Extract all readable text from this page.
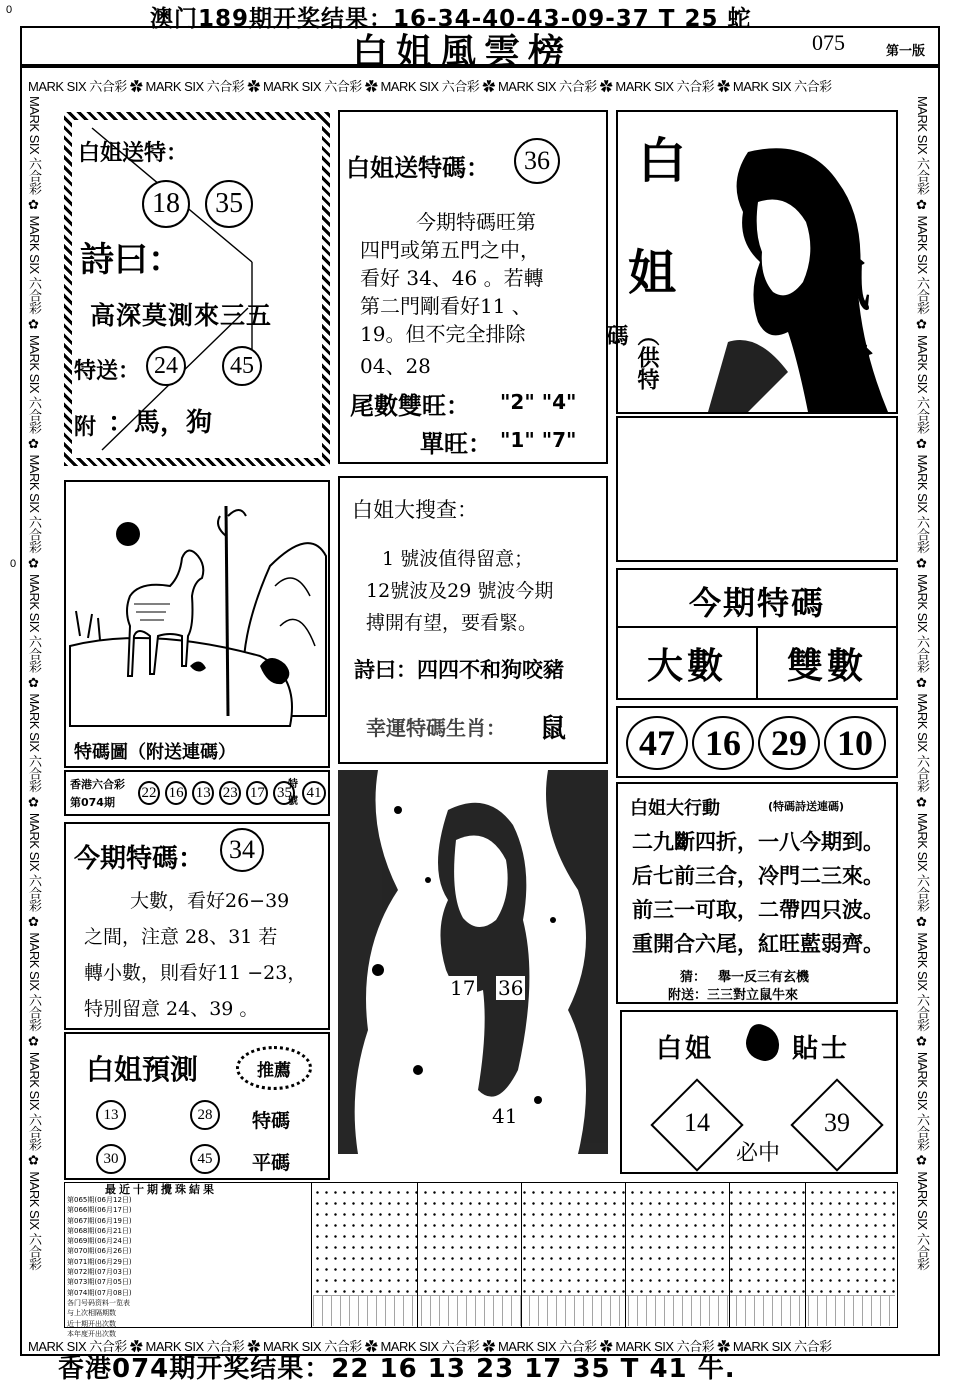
0
0
澳门189期开奖结果：16-34-40-43-09-37 T 25 蛇
白姐風雲榜	075	第一版
MARK SIX 六合彩 ✿ MARK SIX 六合彩 ✿ MARK SIX 六合彩 ✿ MARK SIX 六合彩 ✿ MARK SIX 六合彩 ✿ MARK SIX 六合彩 ✿ MARK SIX 六合彩
MARK SIX 六合彩 ✿ MARK SIX 六合彩 ✿ MARK SIX 六合彩 ✿ MARK SIX 六合彩 ✿ MARK SIX 六合彩 ✿ MARK SIX 六合彩 ✿ MARK SIX 六合彩
MARK SIX 六合彩 ✿ MARK SIX 六合彩 ✿ MARK SIX 六合彩 ✿ MARK SIX 六合彩 ✿ MARK SIX 六合彩 ✿ MARK SIX 六合彩 ✿ MARK SIX 六合彩 ✿ MARK SIX 六合彩 ✿ MARK SIX 六合彩 ✿ MARK SIX 六合彩
MARK SIX 六合彩 ✿ MARK SIX 六合彩 ✿ MARK SIX 六合彩 ✿ MARK SIX 六合彩 ✿ MARK SIX 六合彩 ✿ MARK SIX 六合彩 ✿ MARK SIX 六合彩 ✿ MARK SIX 六合彩 ✿ MARK SIX 六合彩 ✿ MARK SIX 六合彩
白姐送特：
18 35
詩曰：
高深莫測來三五
特送： 24	45
附 ：馬，狗
白姐送特碼：	36
今期特碼旺第
四門或第五門之中，
看好 34、46 。若轉
第二門剛看好11 、
19。但不完全排除
04、28
尾數雙旺： "2" "4"
單旺： "1" "7"
白
姐 風
雲
（供特碼
特碼圖（附送連碼）
香港六合彩
第074期
22 16 13 23 17 35
特號
41
今期特碼： 34
大數，看好26−39
之間，注意 28、31 若
轉小數，則看好11 −23，
特別留意 24、39 。
白姐預測	推薦
13	28	特碼
30	45	平碼
白姐大搜查：
1 號波值得留意；
12號波及29 號波今期
搏開有望，要看緊。
詩曰：四四不和狗咬豬
幸運特碼生肖： 鼠
17 36
41
今期特碼
大數	雙數
47 16 29 10
白姐大行動	(特碼詩送連碼)
二九斷四折，一八今期到。
后七前三合，冷門二三來。
前三一可取，二帶四只波。
重開合六尾，紅旺藍弱齊。
猜： 舉一反三有玄機
附送：三三對立鼠牛來
白姐	貼士
14	39
必中
最近十期攪珠結果
第065期(06月12日)
第066期(06月17日)
第067期(06月19日)
第068期(06月21日)
第069期(06月24日)
第070期(06月26日)
第071期(06月29日)
第072期(07月03日)
第073期(07月05日)
第074期(07月08日)
各门号码资料一览表
与上次相隔期数
近十期开出次数
本年度开出次数
香港074期开奖结果：22 16 13 23 17 35 T 41 牛.
